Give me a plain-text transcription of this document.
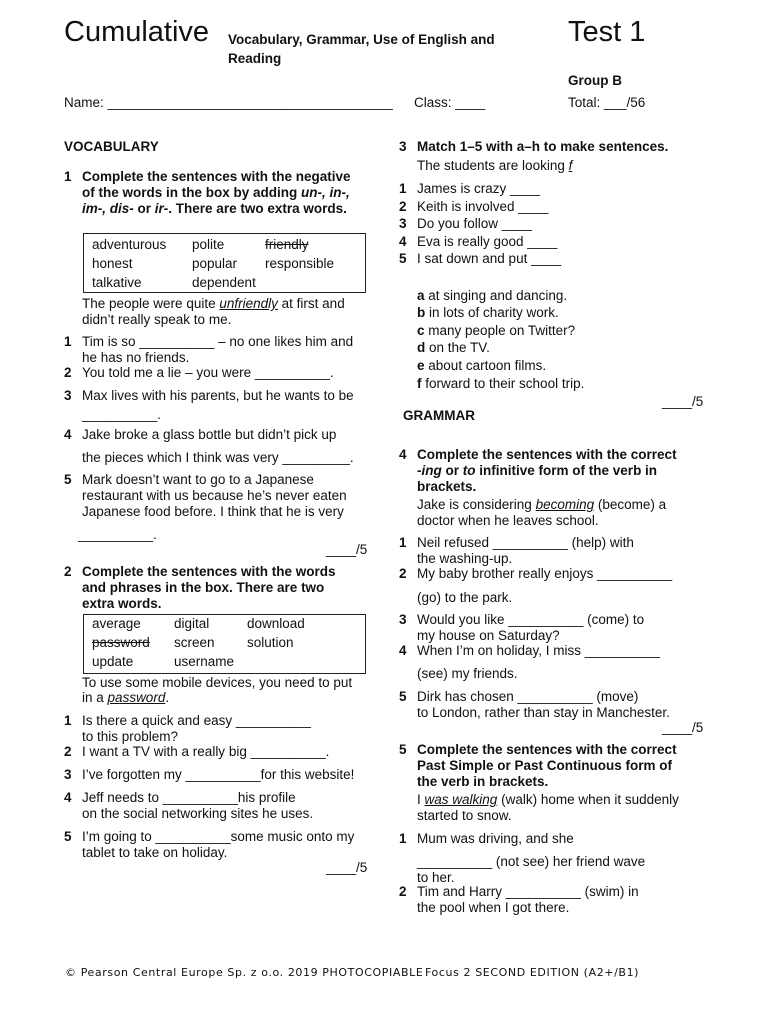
Cumulative Vocabulary, Grammar, Use of English and
Reading
Test 1
Group B
Name: ______________________________________ Class: ____	Total: ___/56
VOCABULARY
1 Complete the sentences with the negative
of the words in the box by adding un-, in-,
im-, dis- or ir-. There are two extra words.
adventurous polite	friendly
honest	popular responsible
talkative	dependent
The people were quite unfriendly at first and
didn’t really speak to me.
1 Tim is so __________ – no one likes him and
he has no friends.
2 You told me a lie – you were __________.
3 Max lives with his parents, but he wants to be
__________.
4 Jake broke a glass bottle but didn’t pick up
the pieces which I think was very _________.
5 Mark doesn’t want to go to a Japanese
restaurant with us because he’s never eaten
Japanese food before. I think that he is very
__________.
____/5
2 Complete the sentences with the words
and phrases in the box. There are two
extra words.
average digital	download
password screen solution
update	username
To use some mobile devices, you need to put
in a password.
1 Is there a quick and easy __________
to this problem?
2 I want a TV with a really big __________.
3 I’ve forgotten my __________for this website!
4 Jeff needs to __________his profile
on the social networking sites he uses.
5 I’m going to __________some music onto my
tablet to take on holiday.
____/5
3 Match 1–5 with a–h to make sentences.
The students are looking f
1 James is crazy ____
2 Keith is involved ____
3 Do you follow ____
4 Eva is really good ____
5 I sat down and put ____
a at singing and dancing.
b in lots of charity work.
c many people on Twitter?
d on the TV.
e about cartoon films.
f forward to their school trip.
____/5
GRAMMAR
4 Complete the sentences with the correct
-ing or to infinitive form of the verb in
brackets.
Jake is considering becoming (become) a
doctor when he leaves school.
1 Neil refused __________ (help) with
the washing-up.
2 My baby brother really enjoys __________
(go) to the park.
3 Would you like __________ (come) to
my house on Saturday?
4 When I’m on holiday, I miss __________
(see) my friends.
5 Dirk has chosen __________ (move)
to London, rather than stay in Manchester.
____/5
5 Complete the sentences with the correct
Past Simple or Past Continuous form of
the verb in brackets.
I was walking (walk) home when it suddenly
started to snow.
1 Mum was driving, and she
__________ (not see) her friend wave
to her.
2 Tim and Harry __________ (swim) in
the pool when I got there.
© Pearson Central Europe Sp. z o.o. 2019 PHOTOCOPIABLE Focus 2 SECOND EDITION (A2+/B1)
